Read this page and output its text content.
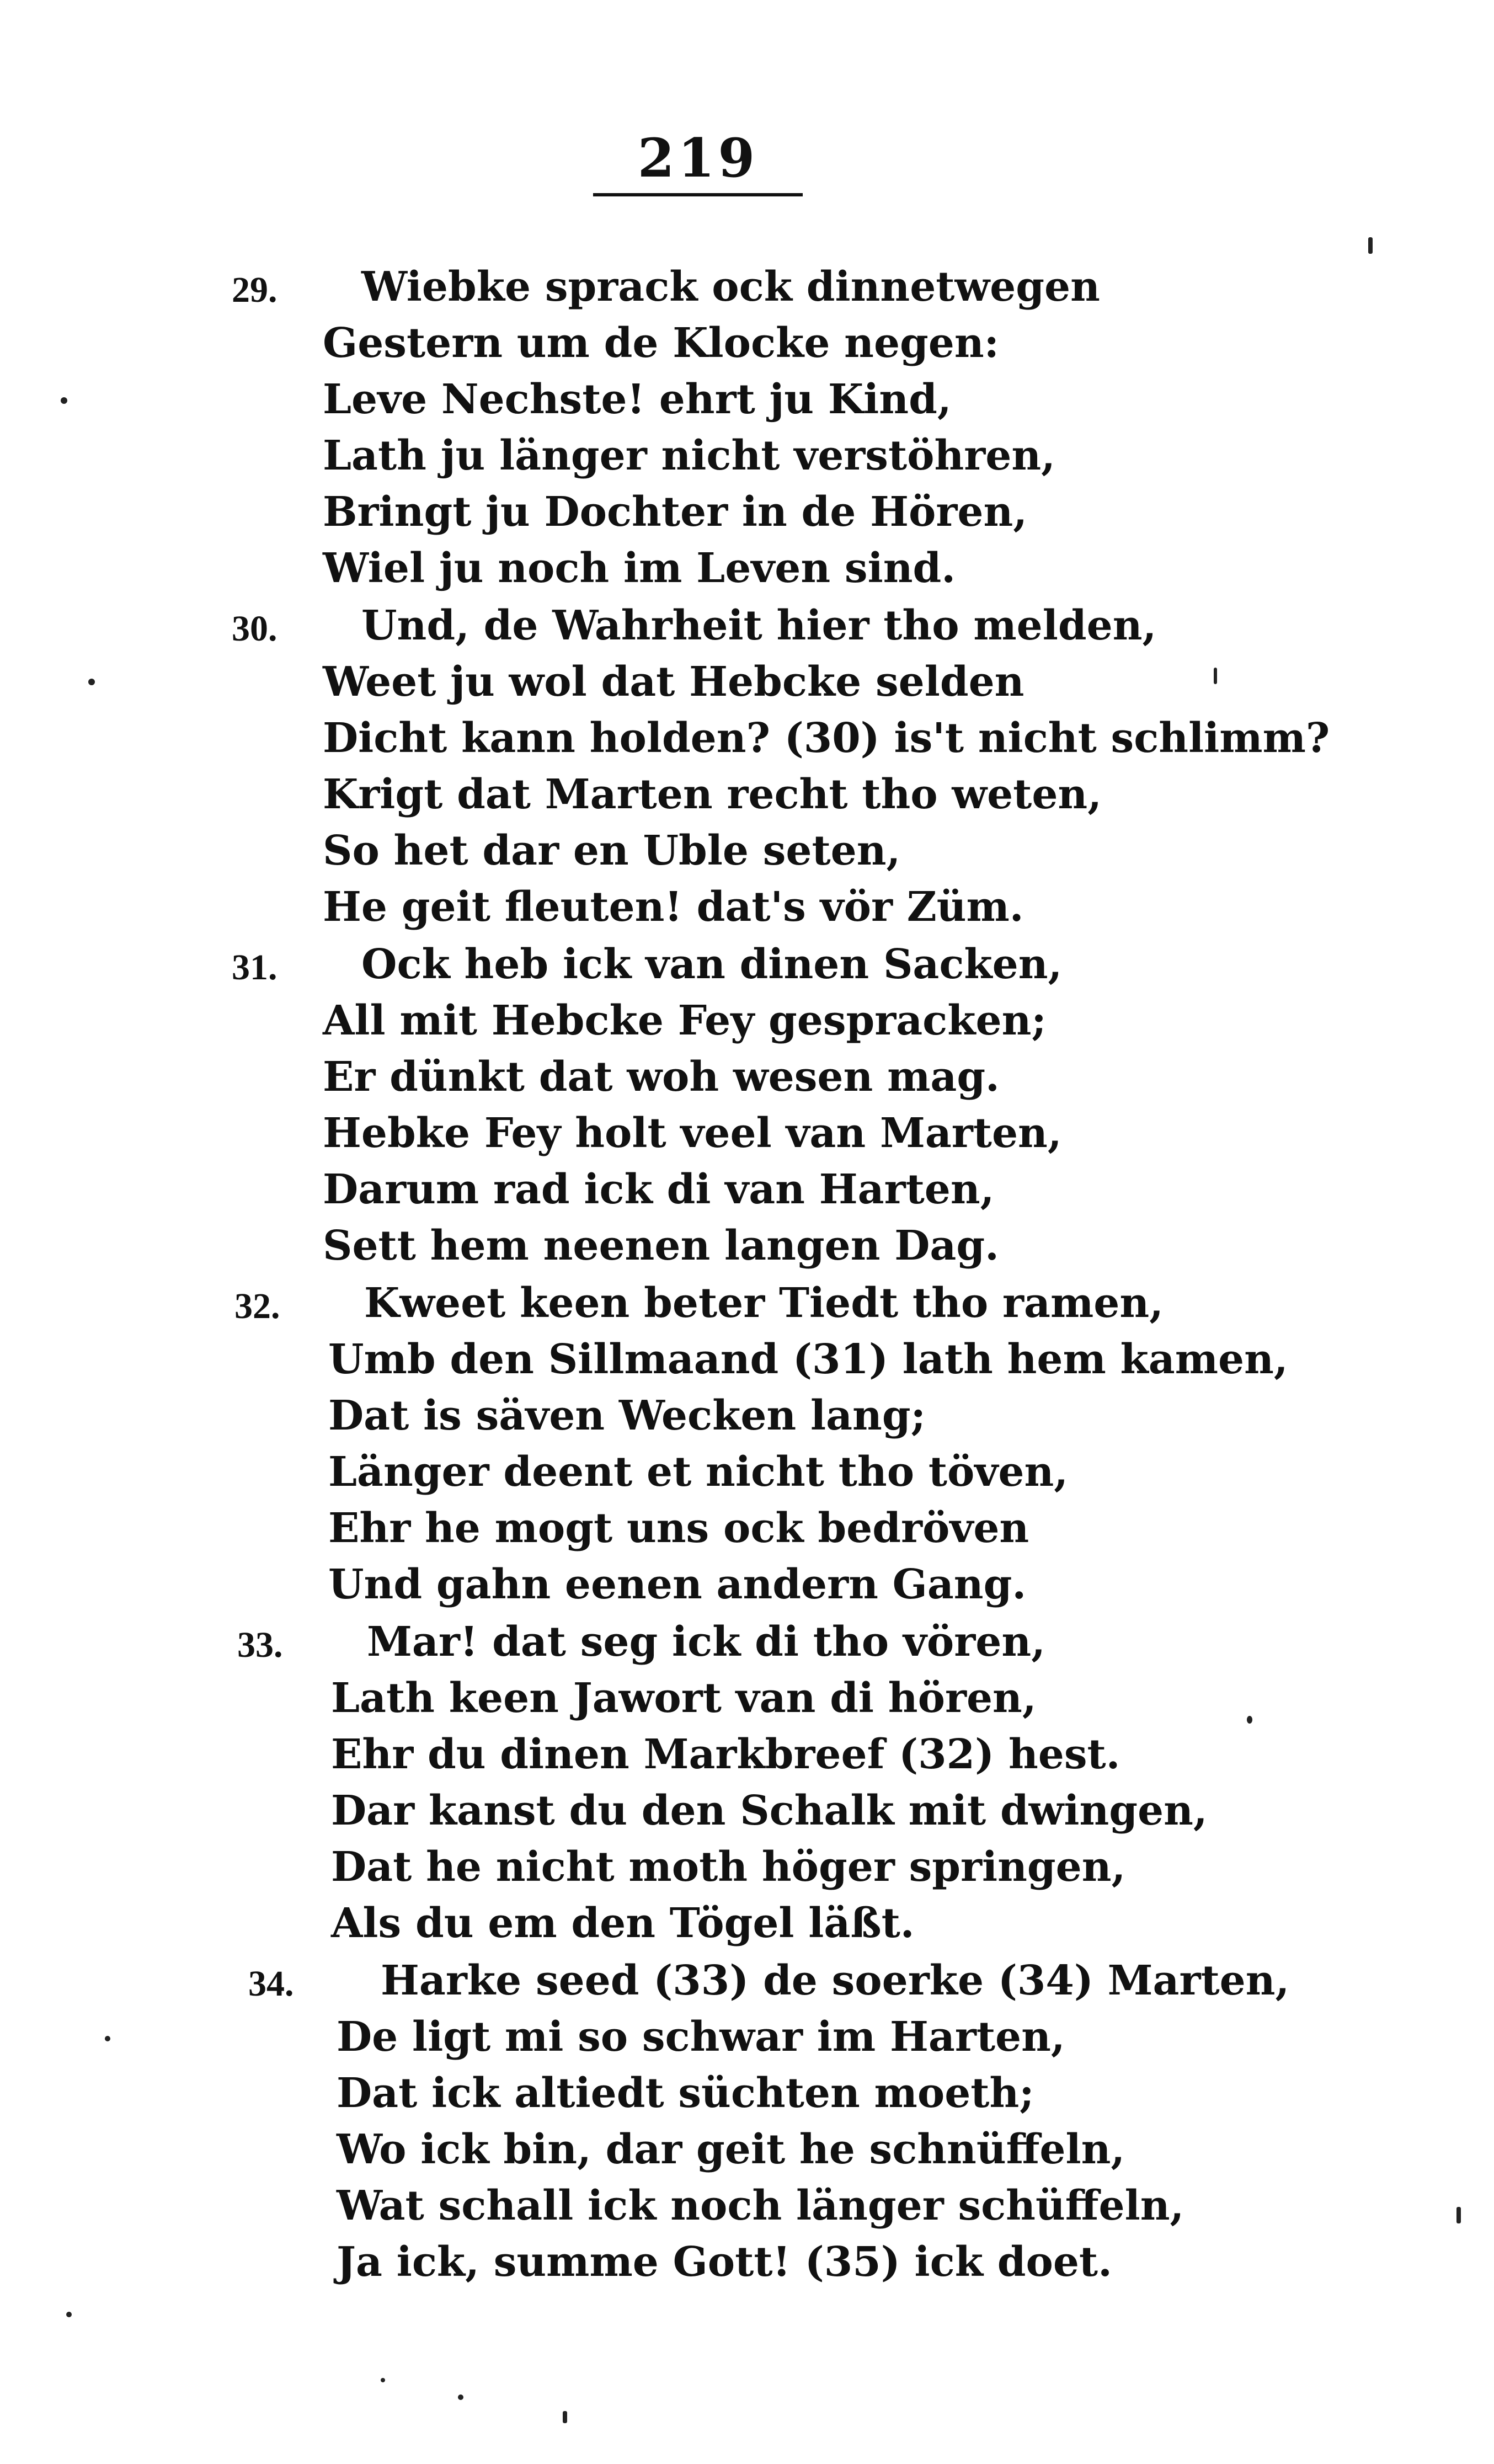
219
29. Wiebke sprack ock dinnetwegen
Gestern um de Klocke negen:
Leve Nechste! ehrt ju Kind,
Lath ju länger nicht verstöhren,
Bringt ju Dochter in de Hören,
Wiel ju noch im Leven sind.
30. Und, de Wahrheit hier tho melden,
Weet ju wol dat Hebcke selden
Dicht kann holden? (30) is't nicht schlimm?
Krigt dat Marten recht tho weten,
So het dar en Uble seten,
He geit fleuten! dat's vör Züm.
31. Ock heb ick van dinen Sacken,
All mit Hebcke Fey gespracken;
Er dünkt dat woh wesen mag.
Hebke Fey holt veel van Marten,
Darum rad ick di van Harten,
Sett hem neenen langen Dag.
32. Kweet keen beter Tiedt tho ramen,
Umb den Sillmaand (31) lath hem kamen,
Dat is säven Wecken lang;
Länger deent et nicht tho töven,
Ehr he mogt uns ock bedröven
Und gahn eenen andern Gang.
33. Mar! dat seg ick di tho vören,
Lath keen Jawort van di hören,
Ehr du dinen Markbreef (32) hest.
Dar kanst du den Schalk mit dwingen,
Dat he nicht moth höger springen,
Als du em den Tögel läßt.
34. Harke seed (33) de soerke (34) Marten,
De ligt mi so schwar im Harten,
Dat ick altiedt süchten moeth;
Wo ick bin, dar geit he schnüffeln,
Wat schall ick noch länger schüffeln,
Ja ick, summe Gott! (35) ick doet.
